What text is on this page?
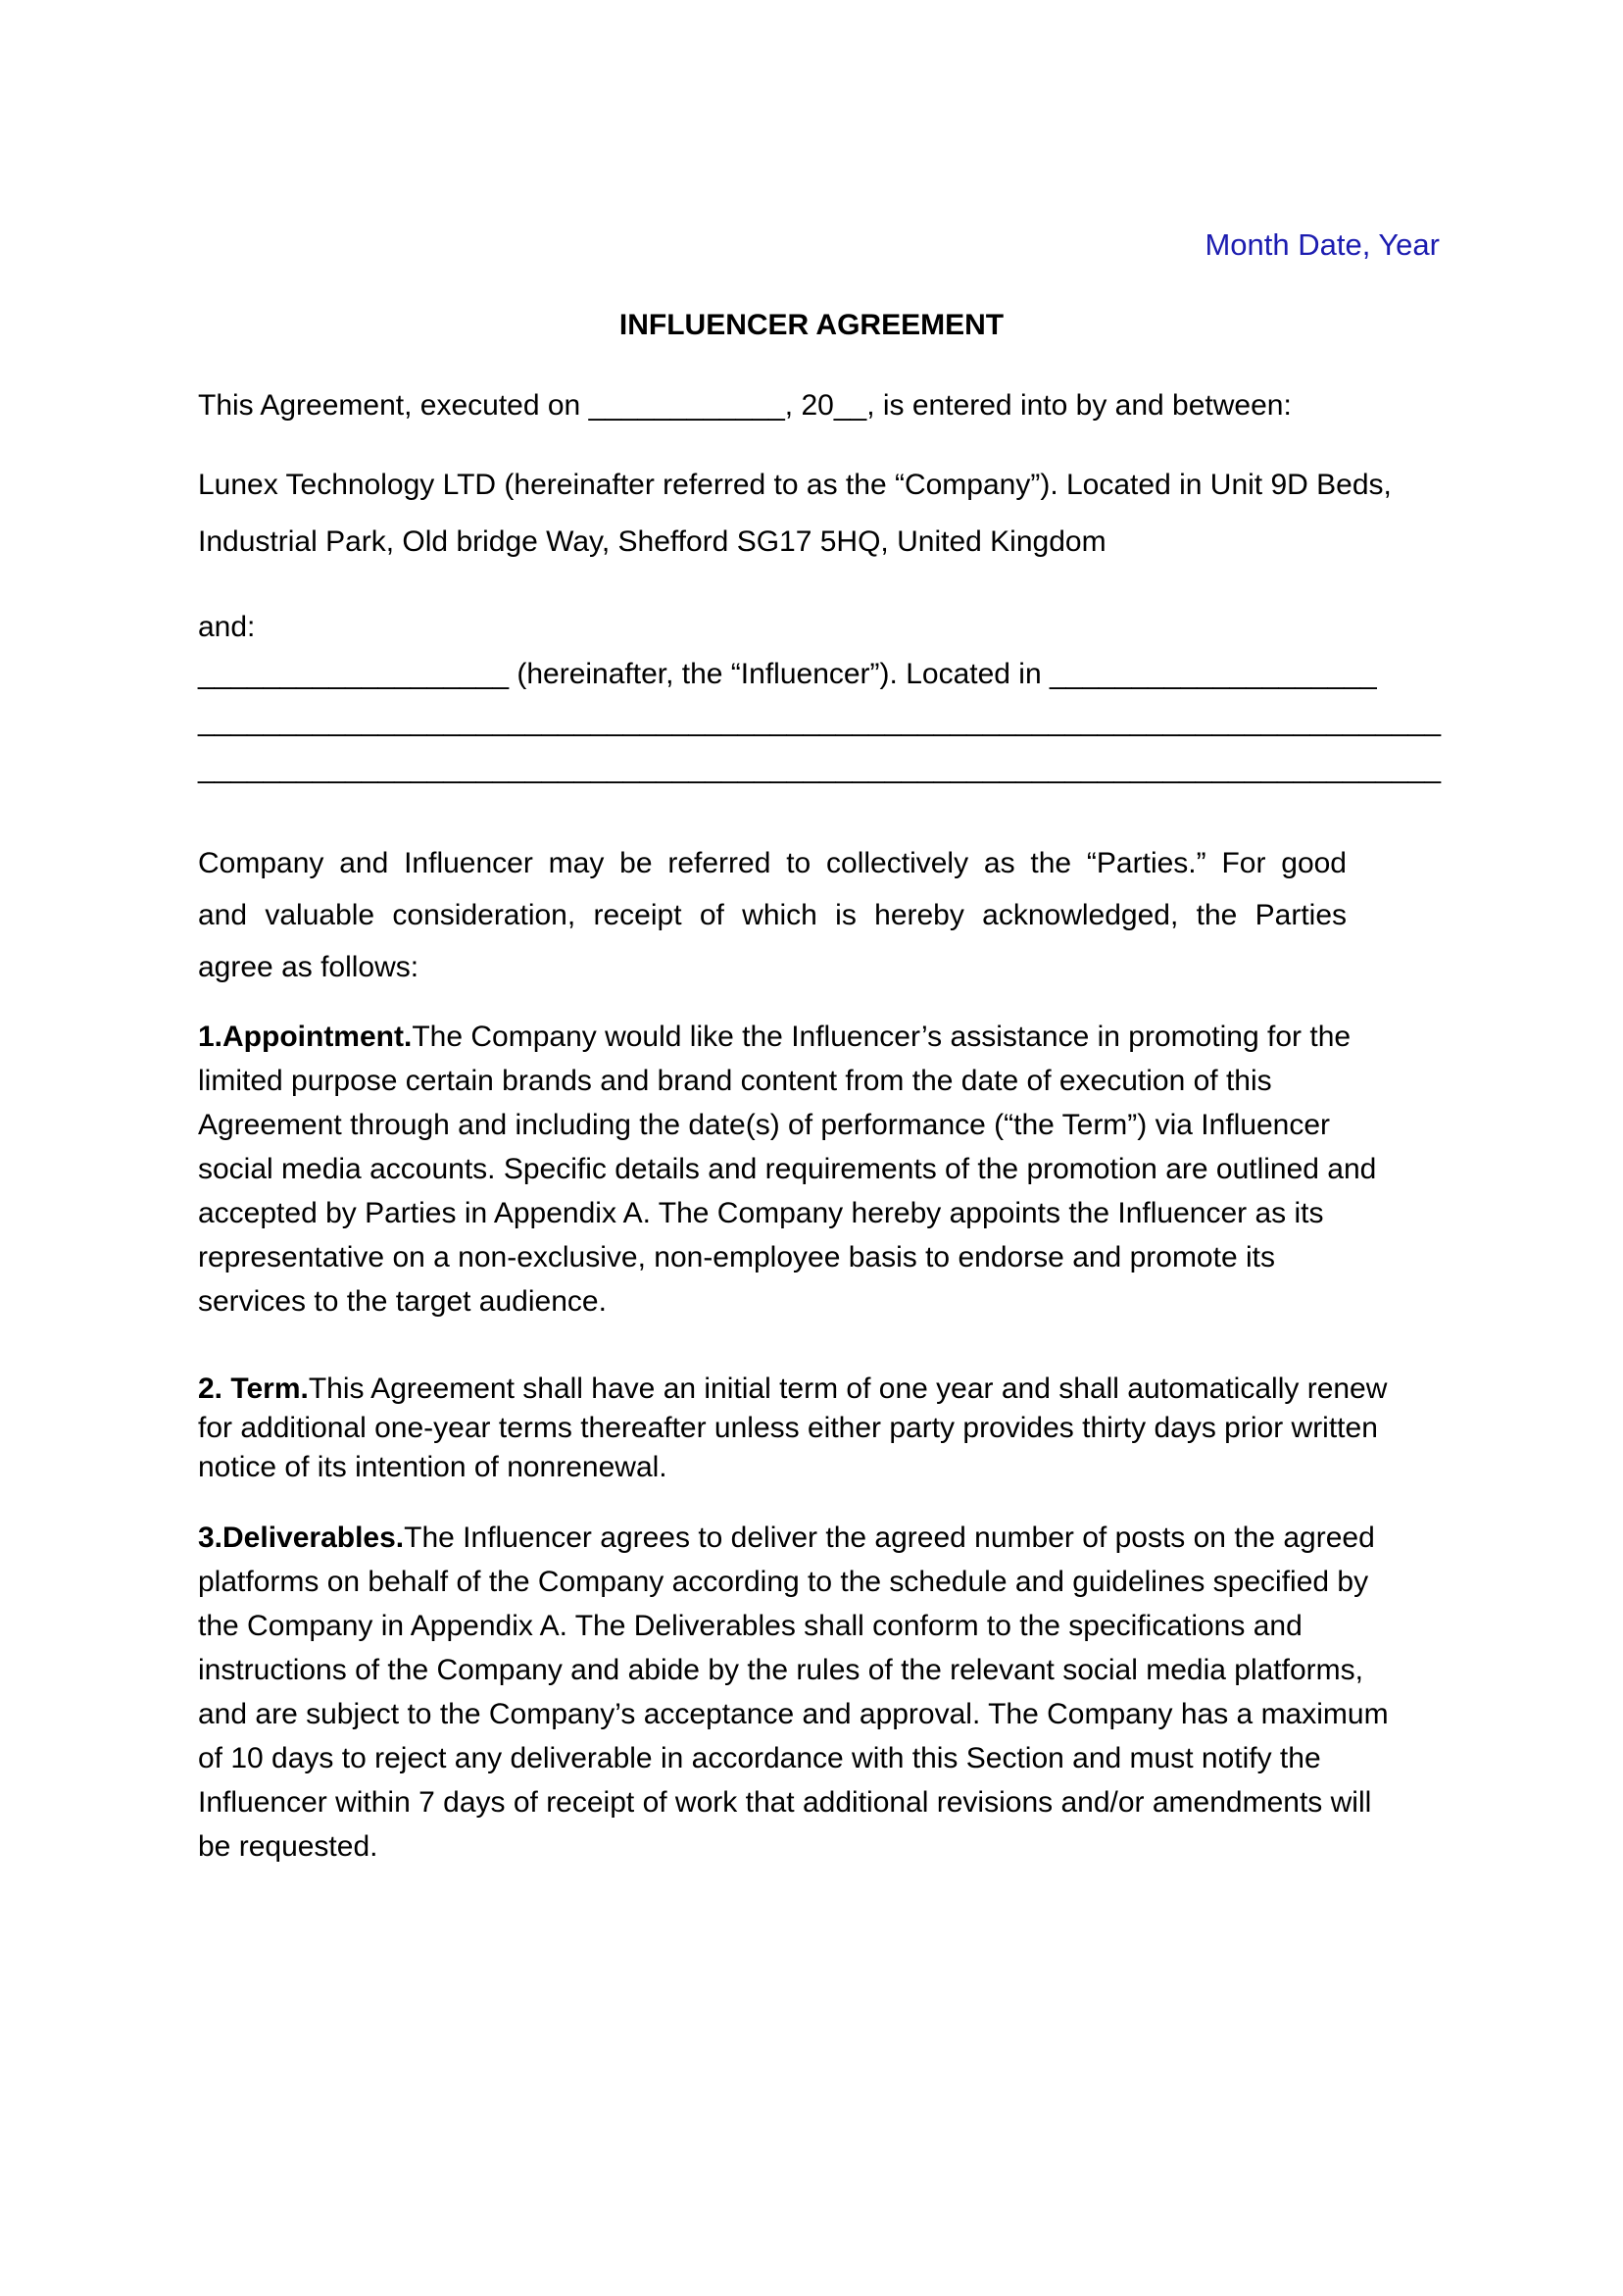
Month Date, Year
INFLUENCER AGREEMENT
This Agreement, executed on ____________, 20__, is entered into by and between:
Lunex Technology LTD (hereinafter referred to as the “Company”). Located in Unit 9D Beds,
Industrial Park, Old bridge Way, Shefford SG17 5HQ, United Kingdom
and:
___________________ (hereinafter, the “Influencer”). Located in ____________________
____________________________________________________________________________
____________________________________________________________________________
Company and Influencer may be referred to collectively as the “Parties.” For good
and valuable consideration, receipt of which is hereby acknowledged, the Parties
agree as follows:
1.Appointment.The Company would like the Influencer’s assistance in promoting for the
limited purpose certain brands and brand content from the date of execution of this
Agreement through and including the date(s) of performance (“the Term”) via Influencer
social media accounts. Specific details and requirements of the promotion are outlined and
accepted by Parties in Appendix A. The Company hereby appoints the Influencer as its
representative on a non-exclusive, non-employee basis to endorse and promote its
services to the target audience.
2. Term.This Agreement shall have an initial term of one year and shall automatically renew
for additional one-year terms thereafter unless either party provides thirty days prior written
notice of its intention of nonrenewal.
3.Deliverables.The Influencer agrees to deliver the agreed number of posts on the agreed
platforms on behalf of the Company according to the schedule and guidelines specified by
the Company in Appendix A. The Deliverables shall conform to the specifications and
instructions of the Company and abide by the rules of the relevant social media platforms,
and are subject to the Company’s acceptance and approval. The Company has a maximum
of 10 days to reject any deliverable in accordance with this Section and must notify the
Influencer within 7 days of receipt of work that additional revisions and/or amendments will
be requested.
